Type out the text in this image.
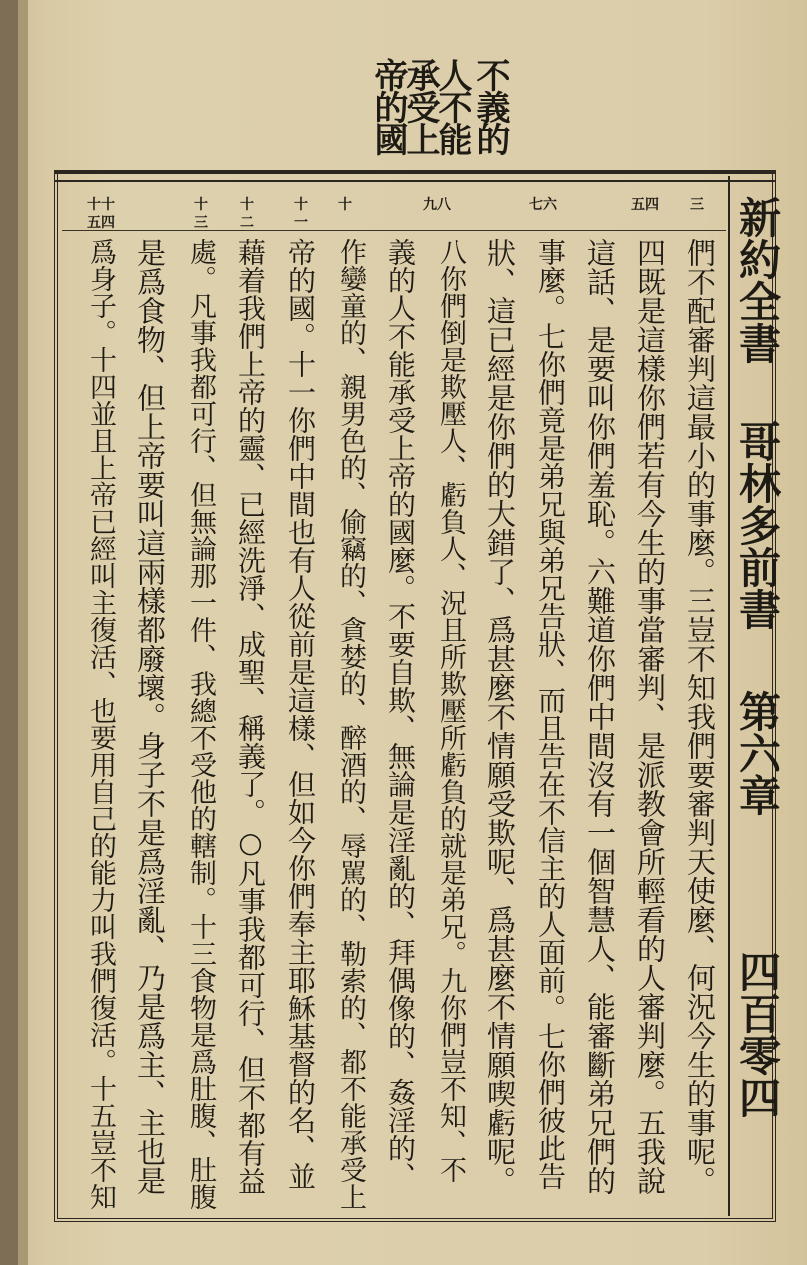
不義的
人不能
承受上
帝的國
十十
五四
十
三
十
二
十
一
十	九八	七六	五四	三 新約全書
哥林多前書
第六章
四百零四
們不配審判這最小的事麼。三豈不知我們要審判天使麼、何況今生的事呢。
四既是這樣你們若有今生的事當審判、是派教會所輕看的人審判麼。五我說
這話、是要叫你們羞恥。六難道你們中間沒有一個智慧人、能審斷弟兄們的
事麼。七你們竟是弟兄與弟兄告狀、而且告在不信主的人面前。七你們彼此告
狀、這已經是你們的大錯了、爲甚麼不情願受欺呢、爲甚麼不情願喫虧呢。
八你們倒是欺壓人、虧負人、況且所欺壓所虧負的就是弟兄。九你們豈不知、不
義的人不能承受上帝的國麼。不要自欺、無論是淫亂的、拜偶像的、姦淫的、
作孌童的、親男色的、偷竊的、貪婪的、醉酒的、辱駡的、勒索的、都不能承受上
帝的國。十一你們中間也有人從前是這樣、但如今你們奉主耶穌基督的名、並
藉着我們上帝的靈、已經洗淨、成聖、稱義了。○凡事我都可行、但不都有益
處。凡事我都可行、但無論那一件、我總不受他的轄制。十三食物是爲肚腹、肚腹
是爲食物、但上帝要叫這兩樣都廢壞。身子不是爲淫亂、乃是爲主、主也是
爲身子。十四並且上帝已經叫主復活、也要用自己的能力叫我們復活。十五豈不知
